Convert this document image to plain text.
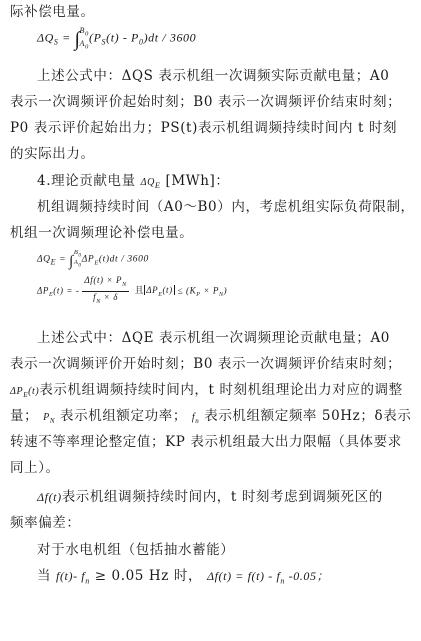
际补偿电量。
$\Delta Q_S$ = ∫ $B_0$
$A_0$
$(P_S(t) - P_0)dt / 3600$
上述公式中：ΔQS 表示机组一次调频实际贡献电量；A0
表示一次调频评价起始时刻；B0 表示一次调频评价结束时刻；
P0 表示评价起始出力；PS(t)表示机组调频持续时间内 t 时刻
的实际出力。
4.理论贡献电量 $\Delta Q_E$ [MWh]：
机组调频持续时间（A0～B0）内，考虑机组实际负荷限制，
机组一次调频理论补偿电量。
$\Delta Q_E$ = ∫
$B_0$
$A_0$
$\Delta P_E(t)dt / 3600$
$\Delta P_E(t)$ = - $\frac{\Delta f(t) \times P_N}{f_N \times \delta}$ 且 $\Delta P_E(t) \le (K_P \times P_N)$
上述公式中：ΔQE 表示机组一次调频理论贡献电量；A0
表示一次调频评价开始时刻；B0 表示一次调频评价结束时刻；
$\Delta P_E(t)$表示机组调频持续时间内，t 时刻机组理论出力对应的调整
量； $P_N$ 表示机组额定功率； $f_n$ 表示机组额定频率 50Hz；δ表示
转速不等率理论整定值；KP 表示机组最大出力限幅（具体要求
同上）。
Δf(t)表示机组调频持续时间内，t 时刻考虑到调频死区的
频率偏差：
对于水电机组（包括抽水蓄能）
当 f(t)- $f_n \ge 0.05$ Hz 时， $\Delta f(t) = f(t) - f_n$ -0.05；
